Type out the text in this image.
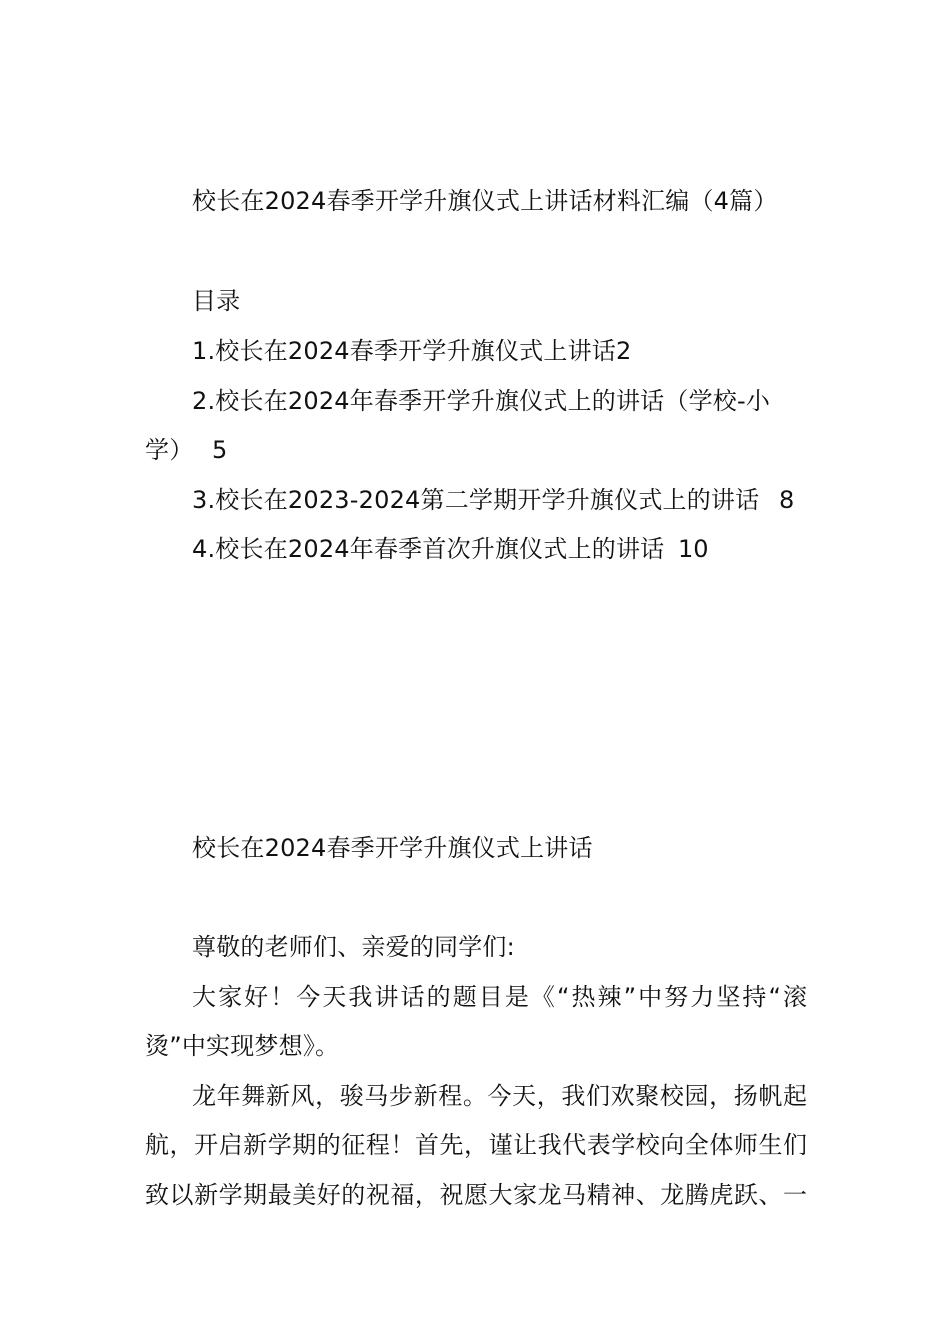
校长在2024春季开学升旗仪式上讲话材料汇编（4篇）
目录
1.校长在2024春季开学升旗仪式上讲话2
2.校长在2024年春季开学升旗仪式上的讲话（学校-小
学） 5
3.校长在2023-2024第二学期开学升旗仪式上的讲话 8
4.校长在2024年春季首次升旗仪式上的讲话 10
校长在2024春季开学升旗仪式上讲话
尊敬的老师们、亲爱的同学们:
大家好！今天我讲话的题目是《“热辣”中努力坚持“滚
烫”中实现梦想》。
龙年舞新风，骏马步新程。今天，我们欢聚校园，扬帆起
航，开启新学期的征程！首先，谨让我代表学校向全体师生们
致以新学期最美好的祝福，祝愿大家龙马精神、龙腾虎跃、一
